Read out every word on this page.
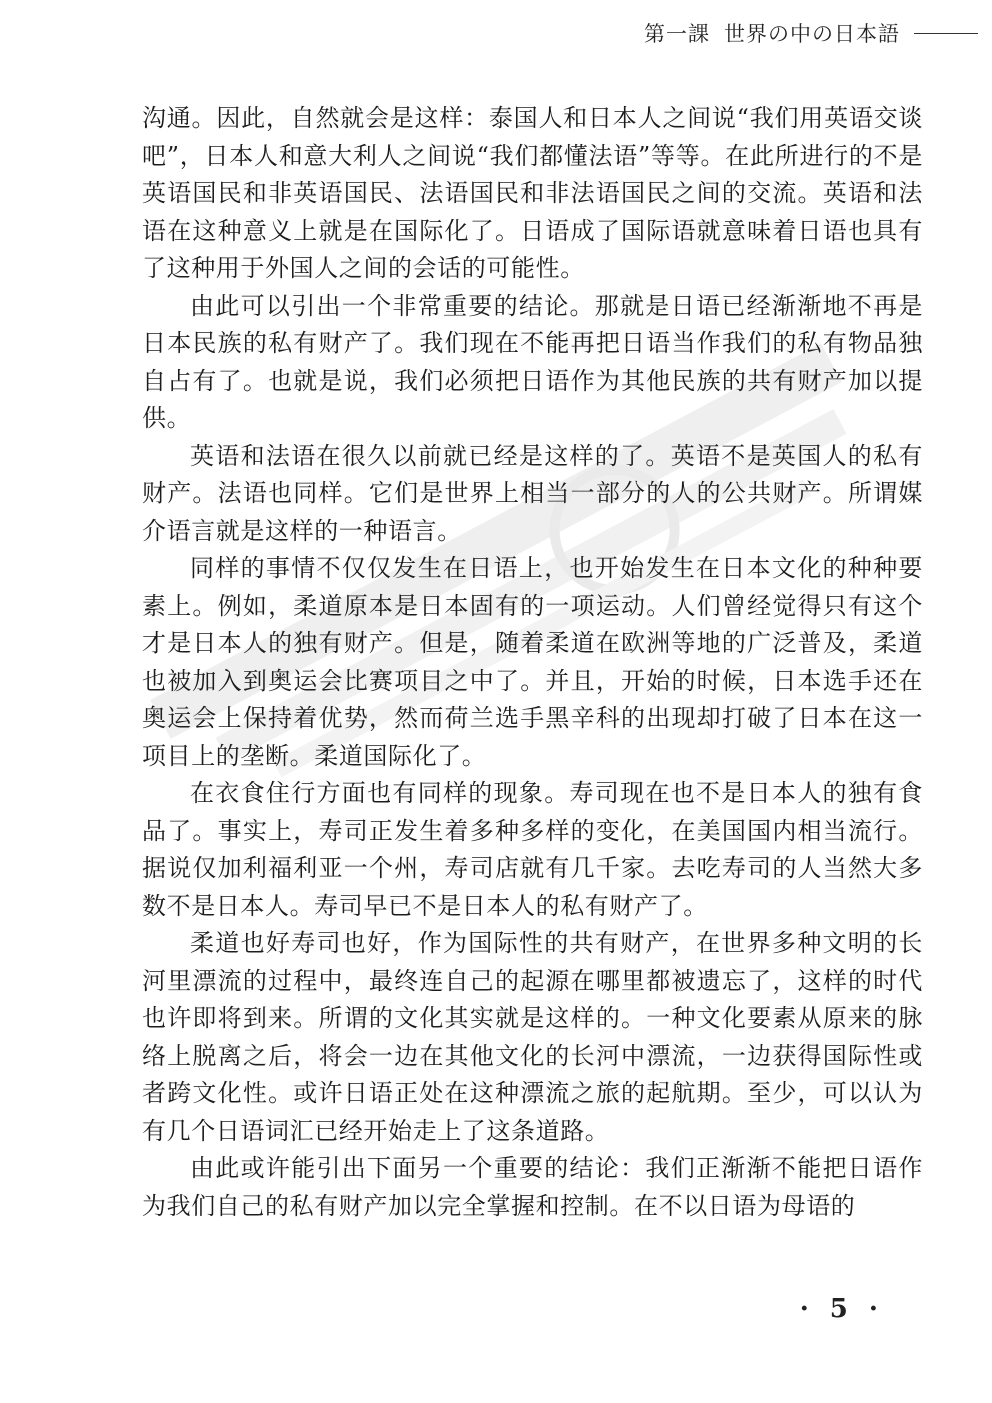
第一課 世界の中の日本語

沟通。因此，自然就会是这样：泰国人和日本人之间说“我们用英语交谈吧”，日本人和意大利人之间说“我们都懂法语”等等。在此所进行的不是英语国民和非英语国民、法语国民和非法语国民之间的交流。英语和法语在这种意义上就是在国际化了。日语成了国际语就意味着日语也具有了这种用于外国人之间的会话的可能性。

由此可以引出一个非常重要的结论。那就是日语已经渐渐地不再是日本民族的私有财产了。我们现在不能再把日语当作我们的私有物品独自占有了。也就是说，我们必须把日语作为其他民族的共有财产加以提供。

英语和法语在很久以前就已经是这样的了。英语不是英国人的私有财产。法语也同样。它们是世界上相当一部分的人的公共财产。所谓媒介语言就是这样的一种语言。

同样的事情不仅仅发生在日语上，也开始发生在日本文化的种种要素上。例如，柔道原本是日本固有的一项运动。人们曾经觉得只有这个才是日本人的独有财产。但是，随着柔道在欧洲等地的广泛普及，柔道也被加入到奥运会比赛项目之中了。并且，开始的时候，日本选手还在奥运会上保持着优势，然而荷兰选手黑辛科的出现却打破了日本在这一项目上的垄断。柔道国际化了。

在衣食住行方面也有同样的现象。寿司现在也不是日本人的独有食品了。事实上，寿司正发生着多种多样的变化，在美国国内相当流行。据说仅加利福利亚一个州，寿司店就有几千家。去吃寿司的人当然大多数不是日本人。寿司早已不是日本人的私有财产了。

柔道也好寿司也好，作为国际性的共有财产，在世界多种文明的长河里漂流的过程中，最终连自己的起源在哪里都被遗忘了，这样的时代也许即将到来。所谓的文化其实就是这样的。一种文化要素从原来的脉络上脱离之后，将会一边在其他文化的长河中漂流，一边获得国际性或者跨文化性。或许日语正处在这种漂流之旅的起航期。至少，可以认为有几个日语词汇已经开始走上了这条道路。

由此或许能引出下面另一个重要的结论：我们正渐渐不能把日语作为我们自己的私有财产加以完全掌握和控制。在不以日语为母语的

· 5 ·
